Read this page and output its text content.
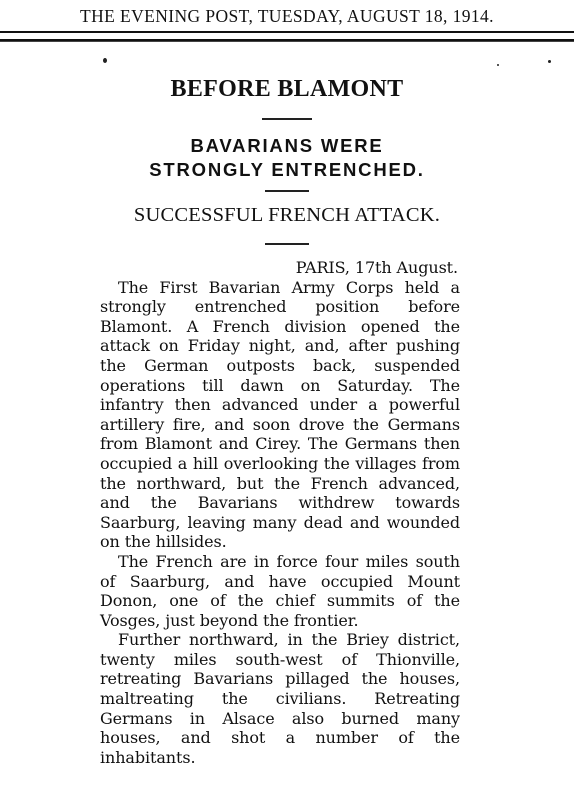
THE EVENING POST, TUESDAY, AUGUST 18, 1914.
BEFORE BLAMONT
BAVARIANS WERE STRONGLY ENTRENCHED.
SUCCESSFUL FRENCH ATTACK.

PARIS, 17th August.

The First Bavarian Army Corps held a strongly entrenched position before Blamont. A French division opened the attack on Friday night, and, after pushing the German outposts back, suspended operations till dawn on Saturday. The infantry then advanced under a powerful artillery fire, and soon drove the Germans from Blamont and Cirey. The Germans then occupied a hill overlooking the villages from the northward, but the French advanced, and the Bavarians withdrew towards Saarburg, leaving many dead and wounded on the hillsides.

The French are in force four miles south of Saarburg, and have occupied Mount Donon, one of the chief summits of the Vosges, just beyond the frontier.

Further northward, in the Briey district, twenty miles south-west of Thionville, retreating Bavarians pillaged the houses, maltreating the civilians. Retreating Germans in Alsace also burned many houses, and shot a number of the inhabitants.
